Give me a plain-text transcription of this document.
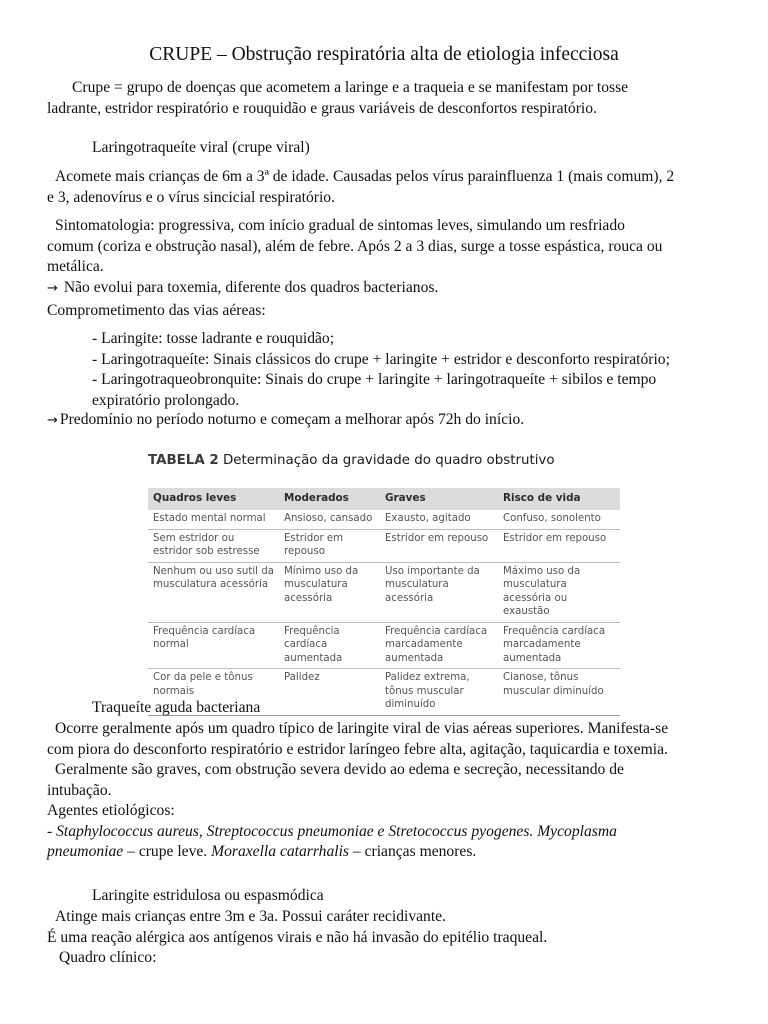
CRUPE – Obstrução respiratória alta de etiologia infecciosa
Crupe = grupo de doenças que acometem a laringe e a traqueia e se manifestam por tosse
ladrante, estridor respiratório e rouquidão e graus variáveis de desconfortos respiratório.
Laringotraqueíte viral (crupe viral)
Acomete mais crianças de 6m a 3ª de idade. Causadas pelos vírus parainfluenza 1 (mais comum), 2
e 3, adenovírus e o vírus sincicial respiratório.
Sintomatologia: progressiva, com início gradual de sintomas leves, simulando um resfriado
comum (coriza e obstrução nasal), além de febre. Após 2 a 3 dias, surge a tosse espástica, rouca ou
metálica.
→ Não evolui para toxemia, diferente dos quadros bacterianos.
Comprometimento das vias aéreas:
- Laringite: tosse ladrante e rouquidão;
- Laringotraqueíte: Sinais clássicos do crupe + laringite + estridor e desconforto respiratório;
- Laringotraqueobronquite: Sinais do crupe + laringite + laringotraqueíte + sibilos e tempo
expiratório prolongado.
→ Predomínio no período noturno e começam a melhorar após 72h do início.
TABELA 2 Determinação da gravidade do quadro obstrutivo
Quadros leves	Moderados	Graves	Risco de vida
Estado mental normal	Ansioso, cansado	Exausto, agitado	Confuso, sonolento
Sem estridor ou estridor sob estresse	Estridor em repouso	Estridor em repouso	Estridor em repouso
Nenhum ou uso sutil da musculatura acessória	Mínimo uso da musculatura acessória	Uso importante da musculatura acessória	Máximo uso da musculatura acessória ou exaustão
Frequência cardíaca normal	Frequência cardíaca aumentada	Frequência cardíaca marcadamente aumentada	Frequência cardíaca marcadamente aumentada
Cor da pele e tônus normais	Palidez	Palidez extrema, tônus muscular diminuído	Cianose, tônus muscular diminuído
Traqueíte aguda bacteriana
Ocorre geralmente após um quadro típico de laringite viral de vias aéreas superiores. Manifesta-se
com piora do desconforto respiratório e estridor laríngeo febre alta, agitação, taquicardia e toxemia.
Geralmente são graves, com obstrução severa devido ao edema e secreção, necessitando de
intubação.
Agentes etiológicos:
- Staphylococcus aureus, Streptococcus pneumoniae e Stretococcus pyogenes. Mycoplasma
pneumoniae – crupe leve. Moraxella catarrhalis – crianças menores.
Laringite estridulosa ou espasmódica
Atinge mais crianças entre 3m e 3a. Possui caráter recidivante.
É uma reação alérgica aos antígenos virais e não há invasão do epitélio traqueal.
Quadro clínico:
